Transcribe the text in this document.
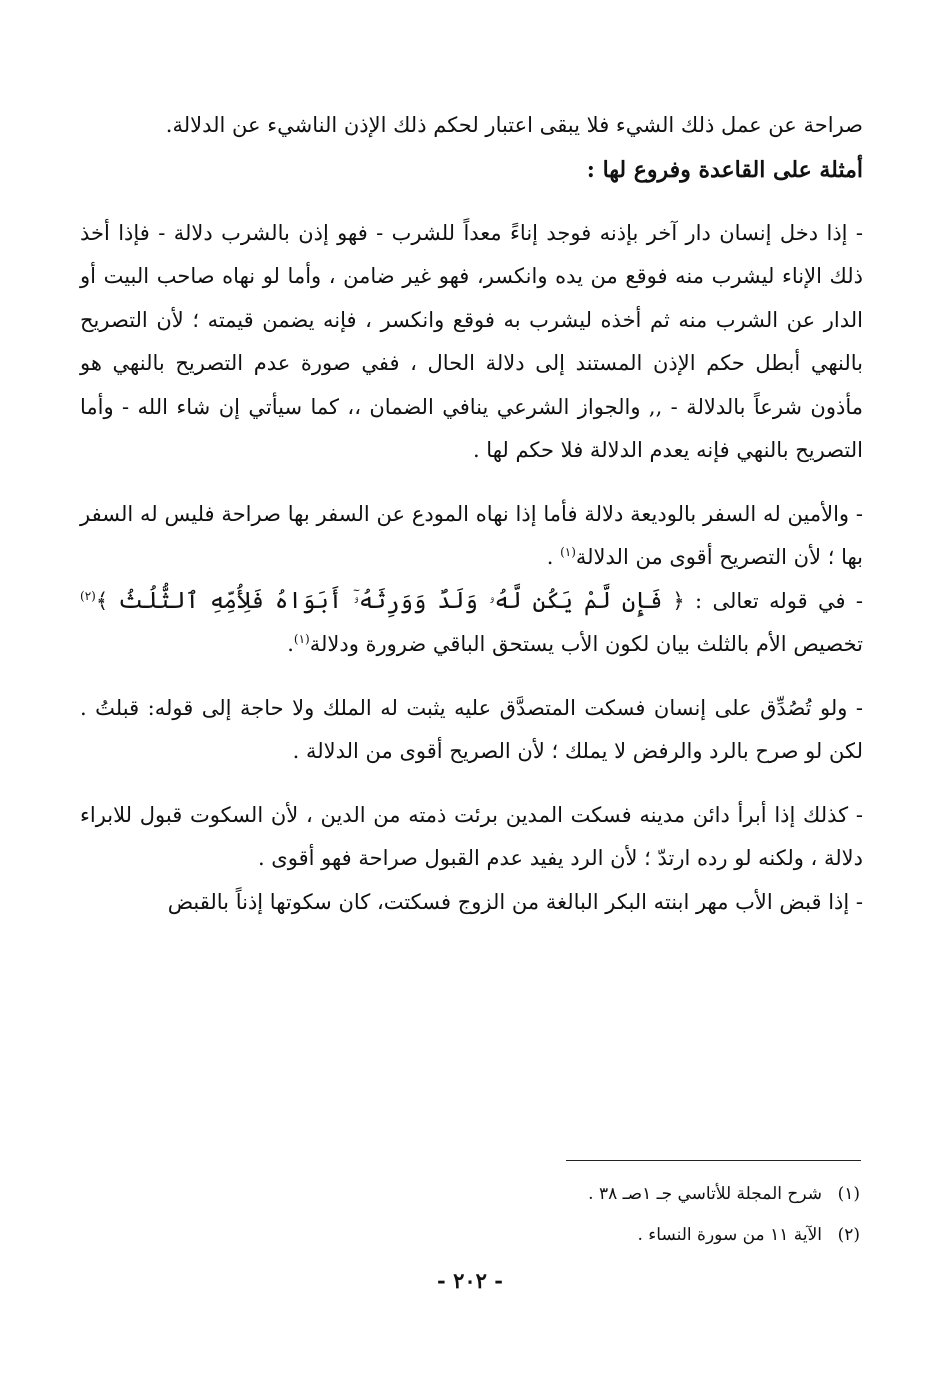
صراحة عن عمل ذلك الشيء فلا يبقى اعتبار لحكم ذلك الإذن الناشيء عن الدلالة.

أمثلة على القاعدة وفروع لها :

- إذا دخل إنسان دار آخر بإذنه فوجد إناءً معداً للشرب - فهو إذن بالشرب دلالة - فإذا أخذ ذلك الإناء ليشرب منه فوقع من يده وانكسر، فهو غير ضامن ، وأما لو نهاه صاحب البيت أو الدار عن الشرب منه ثم أخذه ليشرب به فوقع وانكسر ، فإنه يضمن قيمته ؛ لأن التصريح بالنهي أبطل حكم الإذن المستند إلى دلالة الحال ، ففي صورة عدم التصريح بالنهي هو مأذون شرعاً بالدلالة - ,, والجواز الشرعي ينافي الضمان ،، كما سيأتي إن شاء الله - وأما التصريح بالنهي فإنه يعدم الدلالة فلا حكم لها .

- والأمين له السفر بالوديعة دلالة فأما إذا نهاه المودع عن السفر بها صراحة فليس له السفر بها ؛ لأن التصريح أقوى من الدلالة$^{(١)}$ .

- في قوله تعالى : ﴿فَإِن لَّمْ يَكُن لَّهُۥ وَلَدٌ وَوَرِثَهُۥٓ أَبَوَاهُ فَلِأُمِّهِ ٱلثُّلُثُ﴾$^{(٢)}$ تخصيص الأم بالثلث بيان لكون الأب يستحق الباقي ضرورة ودلالة$^{(١)}$.

- ولو تُصُدِّق على إنسان فسكت المتصدَّق عليه يثبت له الملك ولا حاجة إلى قوله: قبلتُ . لكن لو صرح بالرد والرفض لا يملك ؛ لأن الصريح أقوى من الدلالة .

- كذلك إذا أبرأ دائن مدينه فسكت المدين برئت ذمته من الدين ، لأن السكوت قبول للابراء دلالة ، ولكنه لو رده ارتدّ ؛ لأن الرد يفيد عدم القبول صراحة فهو أقوى .

- إذا قبض الأب مهر ابنته البكر البالغة من الزوج فسكتت، كان سكوتها إذناً بالقبض

(١)شرح المجلة للأتاسي جـ ١صـ ٣٨ .

(٢)الآية ١١ من سورة النساء .

- ٢٠٢ -
